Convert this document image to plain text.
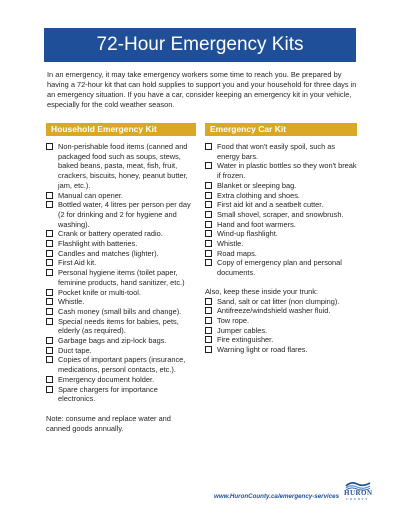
72-Hour Emergency Kits

In an emergency, it may take emergency workers some time to reach you. Be prepared by having a 72-hour kit that can hold supplies to support you and your household for three days in an emergency situation. If you have a car, consider keeping an emergency kit in your vehicle, especially for the cold weather season.

Household Emergency Kit
Non-perishable food items (canned and packaged food such as soups, stews, baked beans, pasta, meat, fish, fruit, crackers, biscuits, honey, peanut butter, jam, etc.).
Manual can opener.
Bottled water, 4 litres per person per day (2 for drinking and 2 for hygiene and washing).
Crank or battery operated radio.
Flashlight with batteries.
Candles and matches (lighter).
First Aid kit.
Personal hygiene items (toilet paper, feminine products, hand sanitizer, etc.)
Pocket knife or multi-tool.
Whistle.
Cash money (small bills and change).
Special needs items for babies, pets, elderly (as required).
Garbage bags and zip-lock bags.
Duct tape.
Copies of important papers (insurance, medications, personl contacts, etc.).
Emergency document holder.
Spare chargers for importance electronics.

Note: consume and replace water and canned goods annually.

Emergency Car Kit
Food that won't easily spoil, such as energy bars.
Water in plastic bottles so they won't break if frozen.
Blanket or sleeping bag.
Extra clothing and shoes.
First aid kit and a seatbelt cutter.
Small shovel, scraper, and snowbrush.
Hand and foot warmers.
Wind-up flashlight.
Whistle.
Road maps.
Copy of emergency plan and personal documents.

Also, keep these inside your trunk:

Sand, salt or cat litter (non clumping).
Antifreeze/windshield washer fluid.
Tow rope.
Jumper cables.
Fire extinguisher.
Warning light or road flares.
www.HuronCounty.ca/emergency-services HURON
COUNTY
